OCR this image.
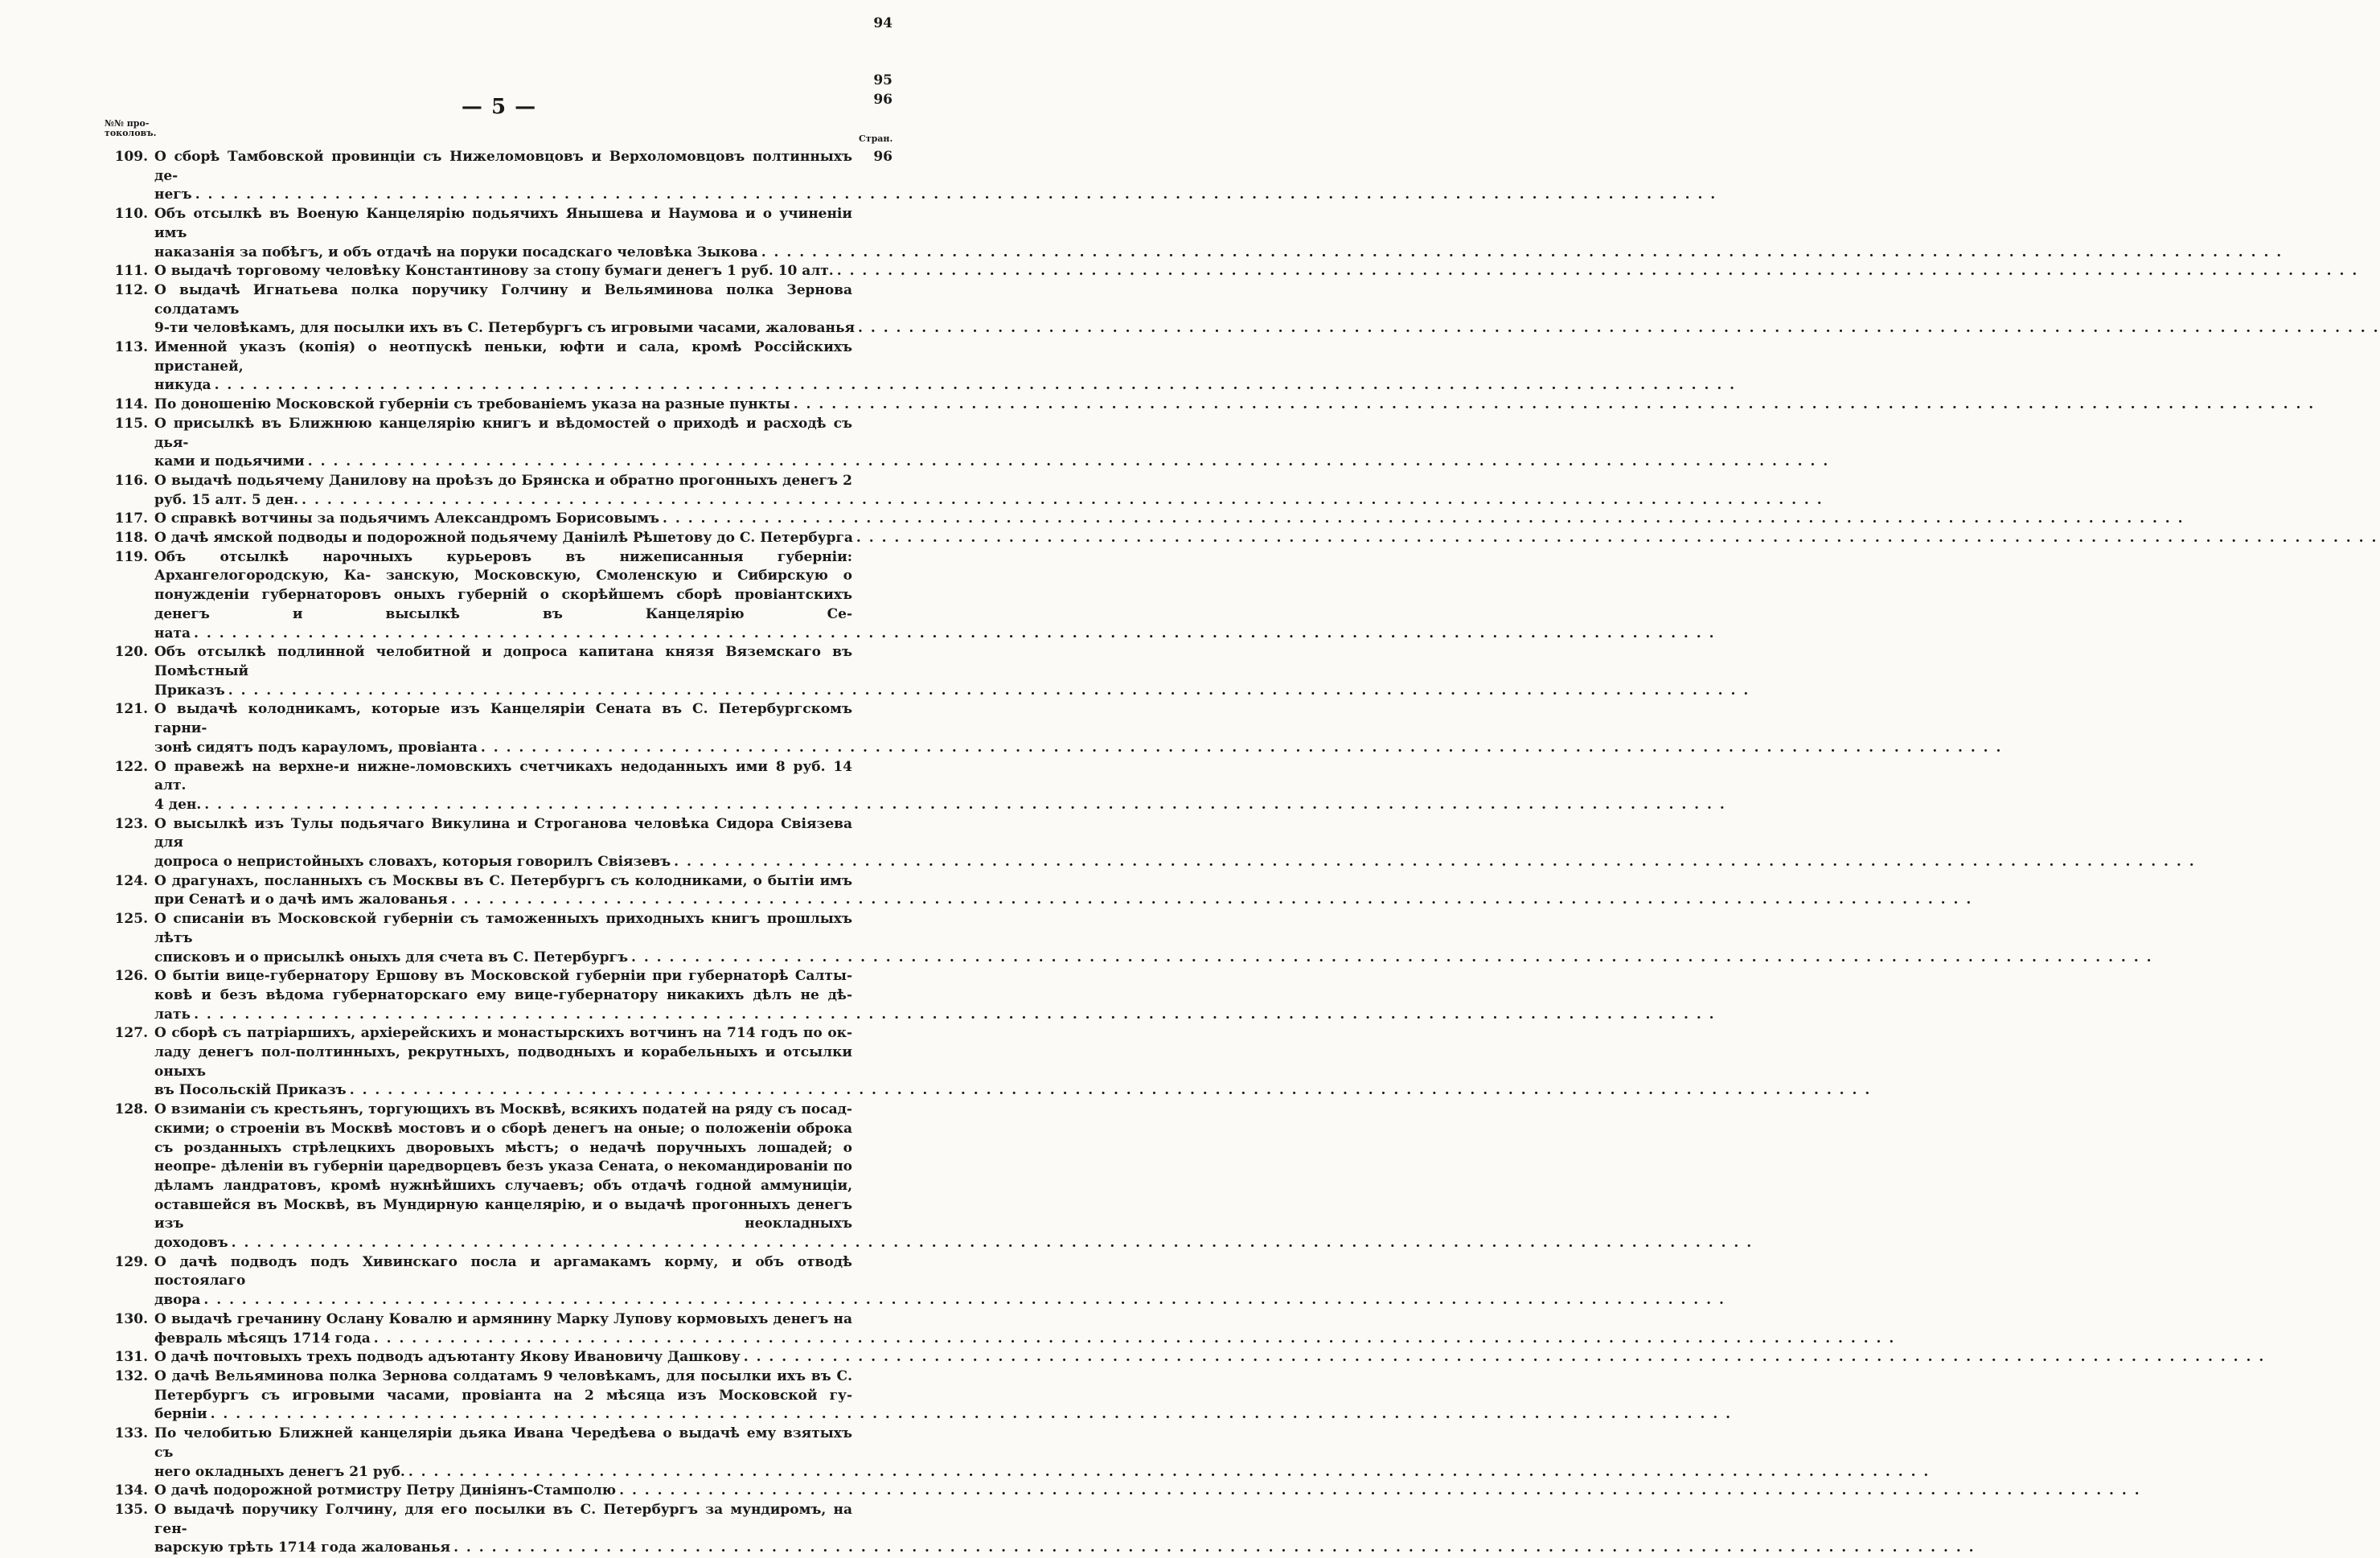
— 5 —
№№ про-
токоловъ.
Стран.
109. О сборѣ Тамбовской провинціи съ Нижеломовцовъ и Верхоломовцовъ полтинныхъ де-
негъ . . . . . . . . . . . . . . . . . . . . . . . . . . . . . . . . . . . . . . . . . . . . . . . . . . . . . . . . . . . . . . . . . . . . . . . . . . . . . . . . . . . . . . . . . . . . . . . . . . . . . . . . . . . . . . . . . . . . . . . .
110. Объ отсылкѣ въ Военую Канцелярію подьячихъ Янышева и Наумова и о учиненіи имъ
наказанія за побѣгъ, и объ отдачѣ на поруки посадскаго человѣка Зыкова . . . . . . . . . . . . . . . . . . . . . . . . . . . . . . . . . . . . . . . . . . . . . . . . . . . . . . . . . . . . . . . . . . . . . . . . . . . . . . . . . . . . . . . . . . . . . . . . . . . . . . . . . . . . . . . . . . . . . . . .
111. О выдачѣ торговому человѣку Константинову за стопу бумаги денегъ 1 руб. 10 алт. . . . . . . . . . . . . . . . . . . . . . . . . . . . . . . . . . . . . . . . . . . . . . . . . . . . . . . . . . . . . . . . . . . . . . . . . . . . . . . . . . . . . . . . . . . . . . . . . . . . . . . . . . . . . . . . . . . . . . . . .
112. О выдачѣ Игнатьева полка поручику Голчину и Вельяминова полка Зернова солдатамъ
9-ти человѣкамъ, для посылки ихъ въ С. Петербургъ съ игровыми часами, жалованья . . . . . . . . . . . . . . . . . . . . . . . . . . . . . . . . . . . . . . . . . . . . . . . . . . . . . . . . . . . . . . . . . . . . . . . . . . . . . . . . . . . . . . . . . . . . . . . . . . . . . . . . . . . . . . . . . . . . . . . .
113. Именной указъ (копія) о неотпускѣ пеньки, юфти и сала, кромѣ Россійскихъ пристаней,
никуда . . . . . . . . . . . . . . . . . . . . . . . . . . . . . . . . . . . . . . . . . . . . . . . . . . . . . . . . . . . . . . . . . . . . . . . . . . . . . . . . . . . . . . . . . . . . . . . . . . . . . . . . . . . . . . . . . . . . . . . .
114. По доношенію Московской губерніи съ требованіемъ указа на разные пункты . . . . . . . . . . . . . . . . . . . . . . . . . . . . . . . . . . . . . . . . . . . . . . . . . . . . . . . . . . . . . . . . . . . . . . . . . . . . . . . . . . . . . . . . . . . . . . . . . . . . . . . . . . . . . . . . . . . . . . . .
115. О присылкѣ въ Ближнюю канцелярію книгъ и вѣдомостей о приходѣ и расходѣ съ дья-
ками и подьячими . . . . . . . . . . . . . . . . . . . . . . . . . . . . . . . . . . . . . . . . . . . . . . . . . . . . . . . . . . . . . . . . . . . . . . . . . . . . . . . . . . . . . . . . . . . . . . . . . . . . . . . . . . . . . . . . . . . . . . . .
116. О выдачѣ подьячему Данилову на проѣзъ до Брянска и обратно прогонныхъ денегъ 2
руб. 15 алт. 5 ден. . . . . . . . . . . . . . . . . . . . . . . . . . . . . . . . . . . . . . . . . . . . . . . . . . . . . . . . . . . . . . . . . . . . . . . . . . . . . . . . . . . . . . . . . . . . . . . . . . . . . . . . . . . . . . . . . . . . . . . . .
117. О справкѣ вотчины за подьячимъ Александромъ Борисовымъ . . . . . . . . . . . . . . . . . . . . . . . . . . . . . . . . . . . . . . . . . . . . . . . . . . . . . . . . . . . . . . . . . . . . . . . . . . . . . . . . . . . . . . . . . . . . . . . . . . . . . . . . . . . . . . . . . . . . . . . .
118. О дачѣ ямской подводы и подорожной подьячему Даніилѣ Рѣшетову до С. Петербурга . . . . . . . . . . . . . . . . . . . . . . . . . . . . . . . . . . . . . . . . . . . . . . . . . . . . . . . . . . . . . . . . . . . . . . . . . . . . . . . . . . . . . . . . . . . . . . . . . . . . . . . . . . . . . . . . . . . . . . . .
119. Объ отсылкѣ нарочныхъ курьеровъ въ нижеписанныя губерніи: Архангелогородскую, Ка- занскую, Московскую, Смоленскую и Сибирскую о понужденіи губернаторовъ оныхъ губерній о скорѣйшемъ сборѣ провіантскихъ денегъ и высылкѣ въ Канцелярію Се-
ната . . . . . . . . . . . . . . . . . . . . . . . . . . . . . . . . . . . . . . . . . . . . . . . . . . . . . . . . . . . . . . . . . . . . . . . . . . . . . . . . . . . . . . . . . . . . . . . . . . . . . . . . . . . . . . . . . . . . . . . .
120. Объ отсылкѣ подлинной челобитной и допроса капитана князя Вяземскаго въ Помѣстный
Приказъ . . . . . . . . . . . . . . . . . . . . . . . . . . . . . . . . . . . . . . . . . . . . . . . . . . . . . . . . . . . . . . . . . . . . . . . . . . . . . . . . . . . . . . . . . . . . . . . . . . . . . . . . . . . . . . . . . . . . . . . .
121. О выдачѣ колодникамъ, которые изъ Канцеляріи Сената въ С. Петербургскомъ гарни-
зонѣ сидятъ подъ карауломъ, провіанта . . . . . . . . . . . . . . . . . . . . . . . . . . . . . . . . . . . . . . . . . . . . . . . . . . . . . . . . . . . . . . . . . . . . . . . . . . . . . . . . . . . . . . . . . . . . . . . . . . . . . . . . . . . . . . . . . . . . . . . .
122. О правежѣ на верхне-и нижне-ломовскихъ счетчикахъ недоданныхъ ими 8 руб. 14 алт.
4 ден. . . . . . . . . . . . . . . . . . . . . . . . . . . . . . . . . . . . . . . . . . . . . . . . . . . . . . . . . . . . . . . . . . . . . . . . . . . . . . . . . . . . . . . . . . . . . . . . . . . . . . . . . . . . . . . . . . . . . . . . .
123. О высылкѣ изъ Тулы подьячаго Викулина и Строганова человѣка Сидора Свіязева для
допроса о непристойныхъ словахъ, которыя говорилъ Свіязевъ . . . . . . . . . . . . . . . . . . . . . . . . . . . . . . . . . . . . . . . . . . . . . . . . . . . . . . . . . . . . . . . . . . . . . . . . . . . . . . . . . . . . . . . . . . . . . . . . . . . . . . . . . . . . . . . . . . . . . . . .
124. О драгунахъ, посланныхъ съ Москвы въ С. Петербургъ съ колодниками, о бытіи имъ
при Сенатѣ и о дачѣ имъ жалованья . . . . . . . . . . . . . . . . . . . . . . . . . . . . . . . . . . . . . . . . . . . . . . . . . . . . . . . . . . . . . . . . . . . . . . . . . . . . . . . . . . . . . . . . . . . . . . . . . . . . . . . . . . . . . . . . . . . . . . . .
125. О списаніи въ Московской губерніи съ таможенныхъ приходныхъ книгъ прошлыхъ лѣтъ
списковъ и о присылкѣ оныхъ для счета въ С. Петербургъ . . . . . . . . . . . . . . . . . . . . . . . . . . . . . . . . . . . . . . . . . . . . . . . . . . . . . . . . . . . . . . . . . . . . . . . . . . . . . . . . . . . . . . . . . . . . . . . . . . . . . . . . . . . . . . . . . . . . . . . .
126. О бытіи вице-губернатору Ершову въ Московской губерніи при губернаторѣ Салты- ковѣ и безъ вѣдома губернаторскаго ему вице-губернатору никакихъ дѣлъ не дѣ-
лать . . . . . . . . . . . . . . . . . . . . . . . . . . . . . . . . . . . . . . . . . . . . . . . . . . . . . . . . . . . . . . . . . . . . . . . . . . . . . . . . . . . . . . . . . . . . . . . . . . . . . . . . . . . . . . . . . . . . . . . .
127. О сборѣ съ патріаршихъ, архіерейскихъ и монастырскихъ вотчинъ на 714 годъ по ок- ладу денегъ пол-полтинныхъ, рекрутныхъ, подводныхъ и корабельныхъ и отсылки оныхъ
въ Посольскій Приказъ . . . . . . . . . . . . . . . . . . . . . . . . . . . . . . . . . . . . . . . . . . . . . . . . . . . . . . . . . . . . . . . . . . . . . . . . . . . . . . . . . . . . . . . . . . . . . . . . . . . . . . . . . . . . . . . . . . . . . . . .
128. О взиманіи съ крестьянъ, торгующихъ въ Москвѣ, всякихъ податей на ряду съ посад- скими; о строеніи въ Москвѣ мостовъ и о сборѣ денегъ на оные; о положеніи оброка съ розданныхъ стрѣлецкихъ дворовыхъ мѣстъ; о недачѣ поручныхъ лошадей; о неопре- дѣленіи въ губерніи царедворцевъ безъ указа Сената, о некомандированіи по дѣламъ ландратовъ, кромѣ нужнѣйшихъ случаевъ; объ отдачѣ годной аммуниціи, оставшейся въ Москвѣ, въ Мундирную канцелярію, и о выдачѣ прогонныхъ денегъ изъ неокладныхъ
доходовъ . . . . . . . . . . . . . . . . . . . . . . . . . . . . . . . . . . . . . . . . . . . . . . . . . . . . . . . . . . . . . . . . . . . . . . . . . . . . . . . . . . . . . . . . . . . . . . . . . . . . . . . . . . . . . . . . . . . . . . . .
129. О дачѣ подводъ подъ Хивинскаго посла и аргамакамъ корму, и объ отводѣ постоялаго
двора . . . . . . . . . . . . . . . . . . . . . . . . . . . . . . . . . . . . . . . . . . . . . . . . . . . . . . . . . . . . . . . . . . . . . . . . . . . . . . . . . . . . . . . . . . . . . . . . . . . . . . . . . . . . . . . . . . . . . . . .
130. О выдачѣ гречанину Ослану Ковалю и армянину Марку Лупову кормовыхъ денегъ на
февраль мѣсяцъ 1714 года . . . . . . . . . . . . . . . . . . . . . . . . . . . . . . . . . . . . . . . . . . . . . . . . . . . . . . . . . . . . . . . . . . . . . . . . . . . . . . . . . . . . . . . . . . . . . . . . . . . . . . . . . . . . . . . . . . . . . . . .
131. О дачѣ почтовыхъ трехъ подводъ адъютанту Якову Ивановичу Дашкову . . . . . . . . . . . . . . . . . . . . . . . . . . . . . . . . . . . . . . . . . . . . . . . . . . . . . . . . . . . . . . . . . . . . . . . . . . . . . . . . . . . . . . . . . . . . . . . . . . . . . . . . . . . . . . . . . . . . . . . .
132. О дачѣ Вельяминова полка Зернова солдатамъ 9 человѣкамъ, для посылки ихъ въ С. Петербургъ съ игровыми часами, провіанта на 2 мѣсяца изъ Московской гу-
берніи . . . . . . . . . . . . . . . . . . . . . . . . . . . . . . . . . . . . . . . . . . . . . . . . . . . . . . . . . . . . . . . . . . . . . . . . . . . . . . . . . . . . . . . . . . . . . . . . . . . . . . . . . . . . . . . . . . . . . . . .
94
133. По челобитью Ближней канцеляріи дьяка Ивана Чередѣева о выдачѣ ему взятыхъ съ
него окладныхъ денегъ 21 руб. . . . . . . . . . . . . . . . . . . . . . . . . . . . . . . . . . . . . . . . . . . . . . . . . . . . . . . . . . . . . . . . . . . . . . . . . . . . . . . . . . . . . . . . . . . . . . . . . . . . . . . . . . . . . . . . . . . . . . . . .
95
134. О дачѣ подорожной ротмистру Петру Диніянъ-Стамполю . . . . . . . . . . . . . . . . . . . . . . . . . . . . . . . . . . . . . . . . . . . . . . . . . . . . . . . . . . . . . . . . . . . . . . . . . . . . . . . . . . . . . . . . . . . . . . . . . . . . . . . . . . . . . . . . . . . . . . . .
96
135. О выдачѣ поручику Голчину, для его посылки въ С. Петербургъ за мундиромъ, на ген-
варскую трѣть 1714 года жалованья . . . . . . . . . . . . . . . . . . . . . . . . . . . . . . . . . . . . . . . . . . . . . . . . . . . . . . . . . . . . . . . . . . . . . . . . . . . . . . . . . . . . . . . . . . . . . . . . . . . . . . . . . . . . . . . . . . . . . . . .
96
